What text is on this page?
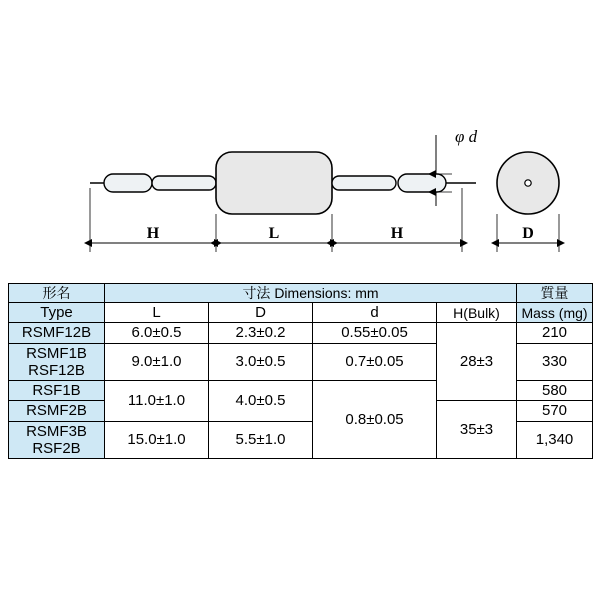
φ d
H	L	H	D
形名	寸法 Dimensions: mm				質量
Type	L	D	d	H(Bulk)	Mass (mg)
RSMF12B	6.0±0.5	2.3±0.2	0.55±0.05	28±3	210

RSMF1B
RSF12B	9.0±1.0	3.0±0.5	0.7±0.05		330
RSF1B	11.0±1.0	4.0±0.5	0.8±0.05		580
RSMF2B				35±3	570

RSMF3B
RSF2B	15.0±1.0	5.5±1.0			1,340
